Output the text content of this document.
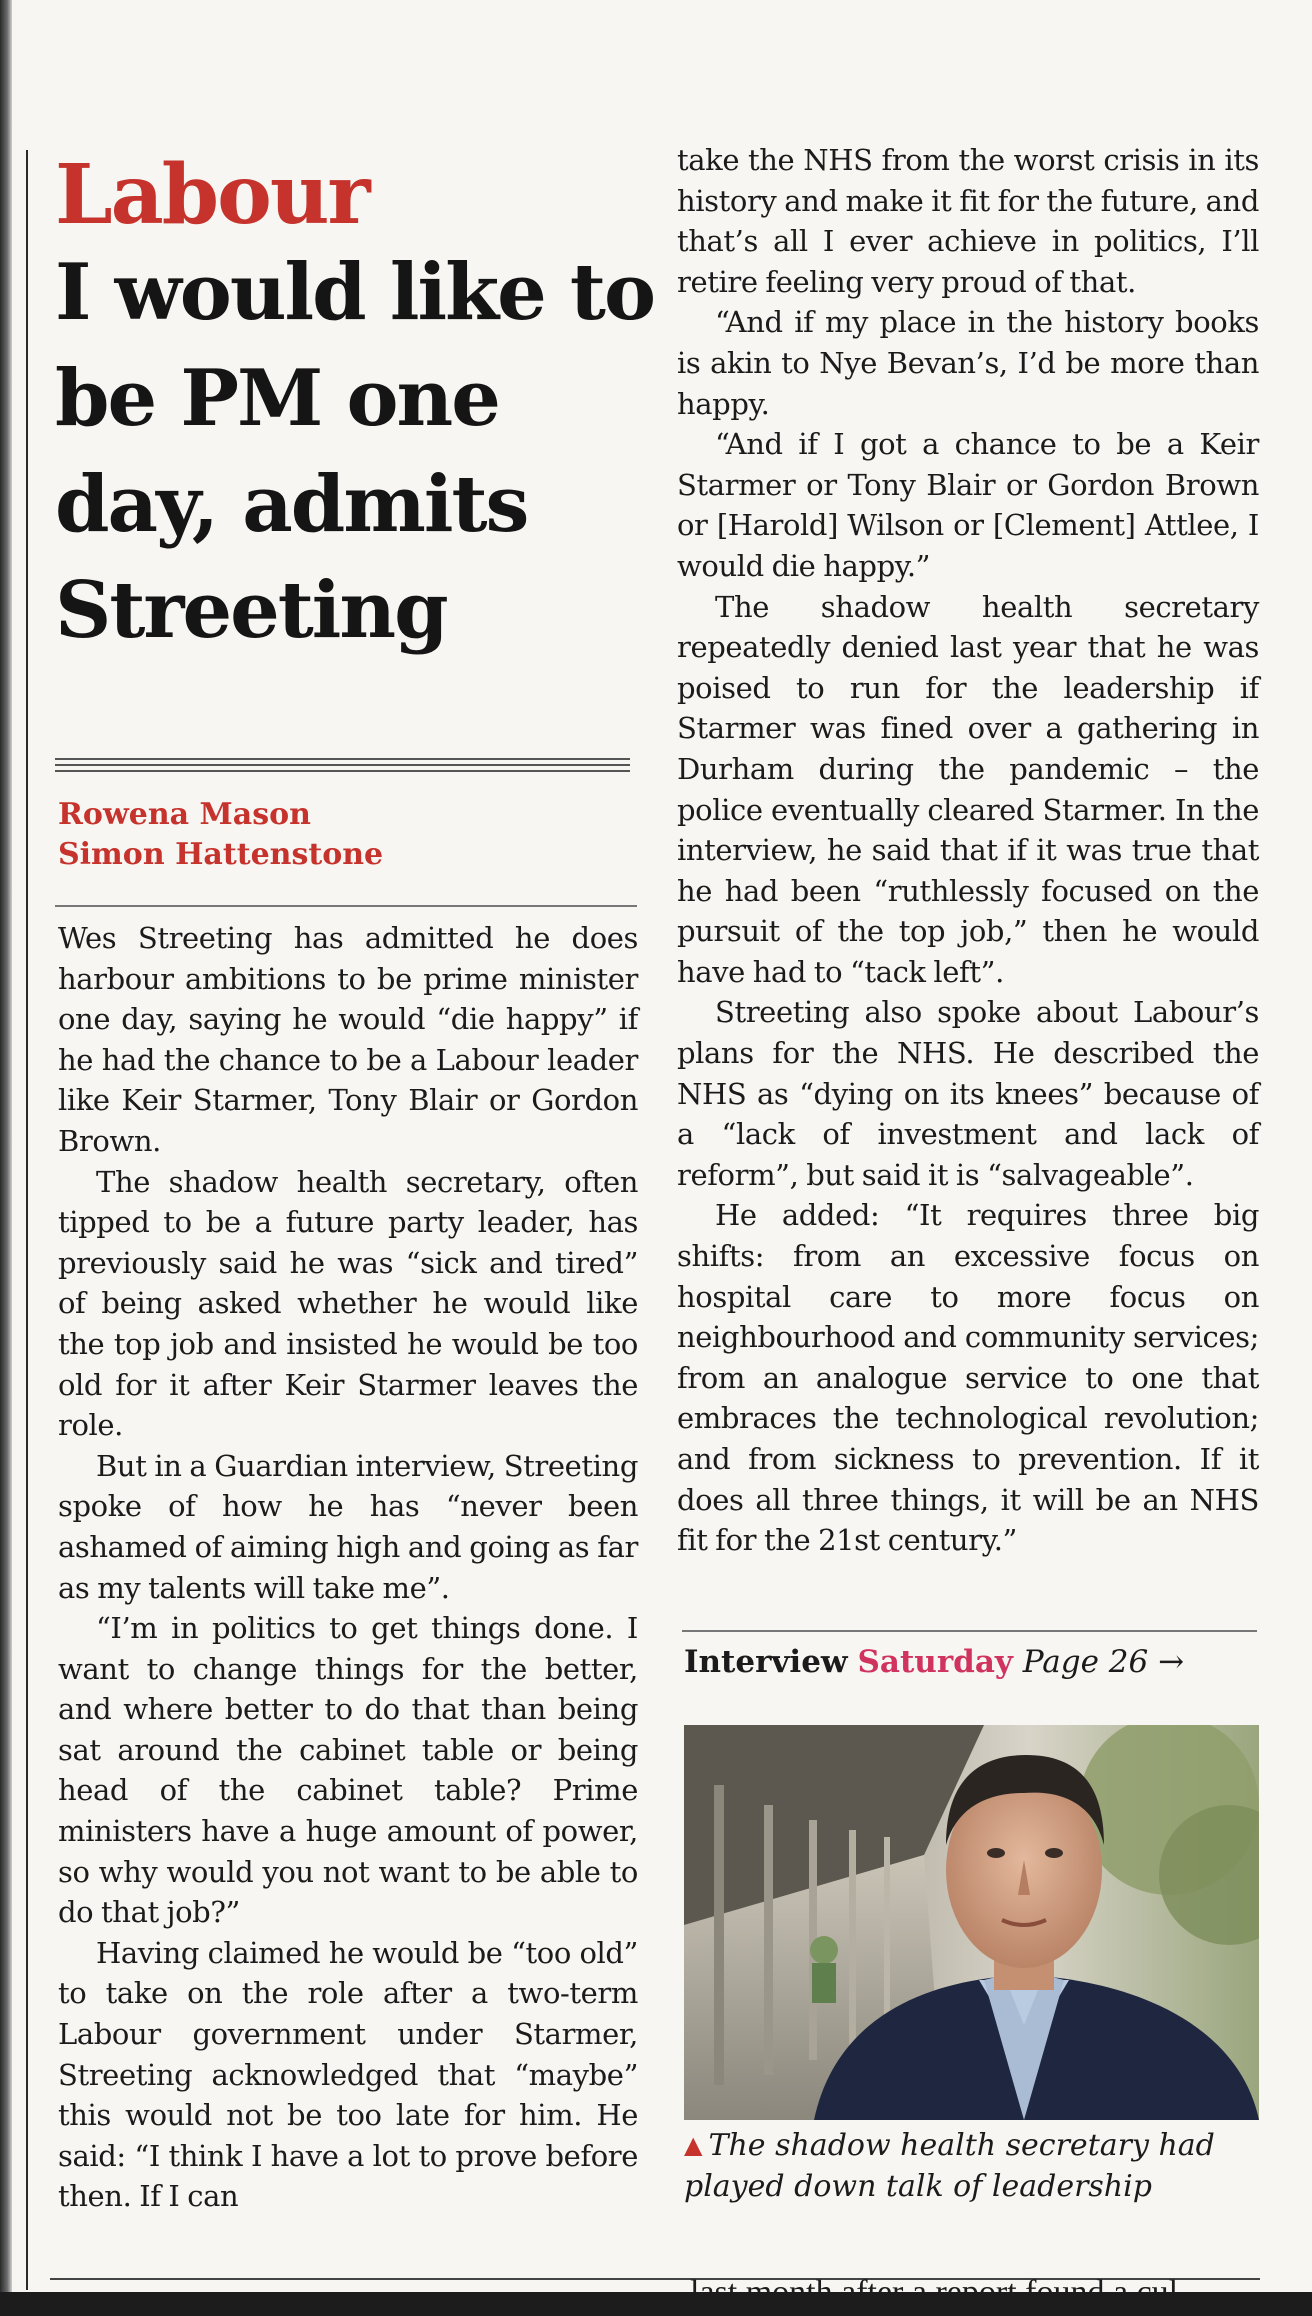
Labour
I would like to be PM one day, admits Streeting

Rowena Mason

Simon Hattenstone

Wes Streeting has admitted he does harbour ambitions to be prime minister one day, saying he would “die happy” if he had the chance to be a Labour leader like Keir Starmer, Tony Blair or Gordon Brown.

The shadow health secretary, often tipped to be a future party leader, has previously said he was “sick and tired” of being asked whether he would like the top job and insisted he would be too old for it after Keir Starmer leaves the role.

But in a Guardian interview, Streeting spoke of how he has “never been ashamed of aiming high and going as far as my talents will take me”.

“I’m in politics to get things done. I want to change things for the better, and where better to do that than being sat around the cabinet table or being head of the cabinet table? Prime ministers have a huge amount of power, so why would you not want to be able to do that job?”

Having claimed he would be “too old” to take on the role after a two-term Labour government under Starmer, Streeting acknowledged that “maybe” this would not be too late for him. He said: “I think I have a lot to prove before then. If I can

take the NHS from the worst crisis in its history and make it fit for the future, and that’s all I ever achieve in politics, I’ll retire feeling very proud of that.

“And if my place in the history books is akin to Nye Bevan’s, I’d be more than happy.

“And if I got a chance to be a Keir Starmer or Tony Blair or Gordon Brown or [Harold] Wilson or [Clement] Attlee, I would die happy.”

The shadow health secretary repeatedly denied last year that he was poised to run for the leadership if Starmer was fined over a gathering in Durham during the pandemic – the police eventually cleared Starmer. In the interview, he said that if it was true that he had been “ruthlessly focused on the pursuit of the top job,” then he would have had to “tack left”.

Streeting also spoke about Labour’s plans for the NHS. He described the NHS as “dying on its knees” because of a “lack of investment and lack of reform”, but said it is “salvageable”.

He added: “It requires three big shifts: from an excessive focus on hospital care to more focus on neighbourhood and community services; from an analogue service to one that embraces the technological revolution; and from sickness to prevention. If it does all three things, it will be an NHS fit for the 21st century.”

Interview Saturday Page 26 →
▲ The shadow health secretary had played down talk of leadership
last month after a report found a cul-
